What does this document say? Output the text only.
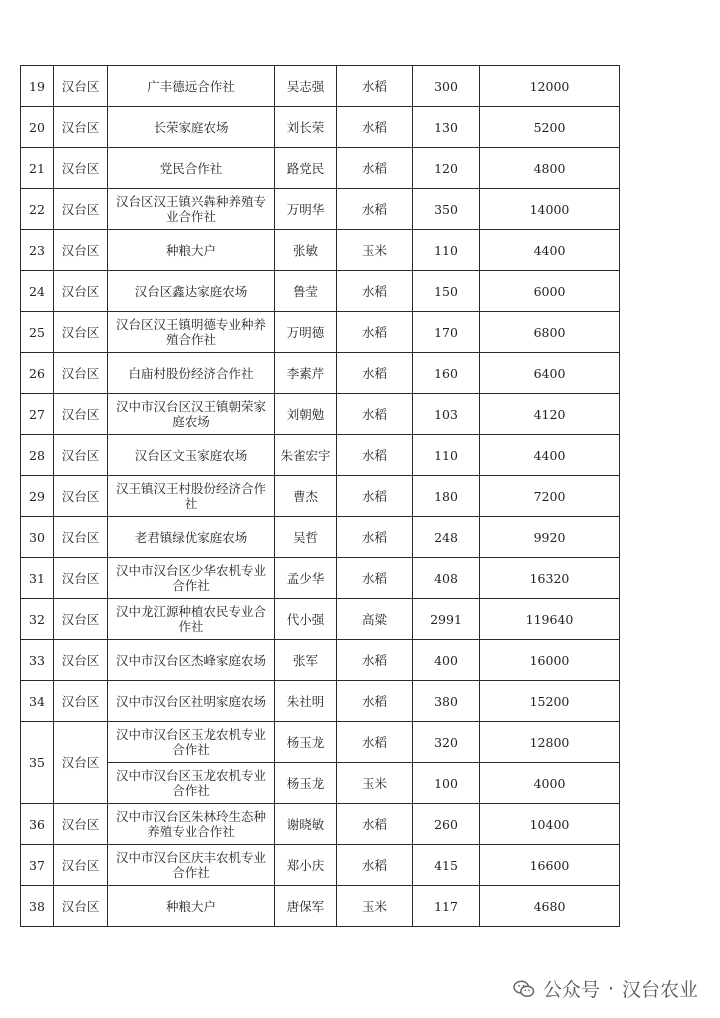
19	汉台区	广丰德远合作社	吴志强	水稻	300	12000
20	汉台区	长荣家庭农场	刘长荣	水稻	130	5200
21	汉台区	党民合作社	路党民	水稻	120	4800
22	汉台区	汉台区汉王镇兴犇种养殖专业合作社	万明华	水稻	350	14000
23	汉台区	种粮大户	张敏	玉米	110	4400
24	汉台区	汉台区鑫达家庭农场	鲁莹	水稻	150	6000
25	汉台区	汉台区汉王镇明德专业种养殖合作社	万明德	水稻	170	6800
26	汉台区	白庙村股份经济合作社	李素芹	水稻	160	6400
27	汉台区	汉中市汉台区汉王镇朝荣家庭农场	刘朝勉	水稻	103	4120
28	汉台区	汉台区文玉家庭农场	朱雀宏宇	水稻	110	4400
29	汉台区	汉王镇汉王村股份经济合作社	曹杰	水稻	180	7200
30	汉台区	老君镇绿优家庭农场	吴哲	水稻	248	9920
31	汉台区	汉中市汉台区少华农机专业合作社	孟少华	水稻	408	16320
32	汉台区	汉中龙江源种植农民专业合作社	代小强	高粱	2991	119640
33	汉台区	汉中市汉台区杰峰家庭农场	张军	水稻	400	16000
34	汉台区	汉中市汉台区社明家庭农场	朱社明	水稻	380	15200
35	汉台区	汉中市汉台区玉龙农机专业合作社	杨玉龙	水稻	320	12800
		汉中市汉台区玉龙农机专业合作社	杨玉龙	玉米	100	4000
36	汉台区	汉中市汉台区朱林玲生态种养殖专业合作社	谢晓敏	水稻	260	10400
37	汉台区	汉中市汉台区庆丰农机专业合作社	郑小庆	水稻	415	16600
38	汉台区	种粮大户	唐保军	玉米	117	4680
公众号 · 汉台农业
